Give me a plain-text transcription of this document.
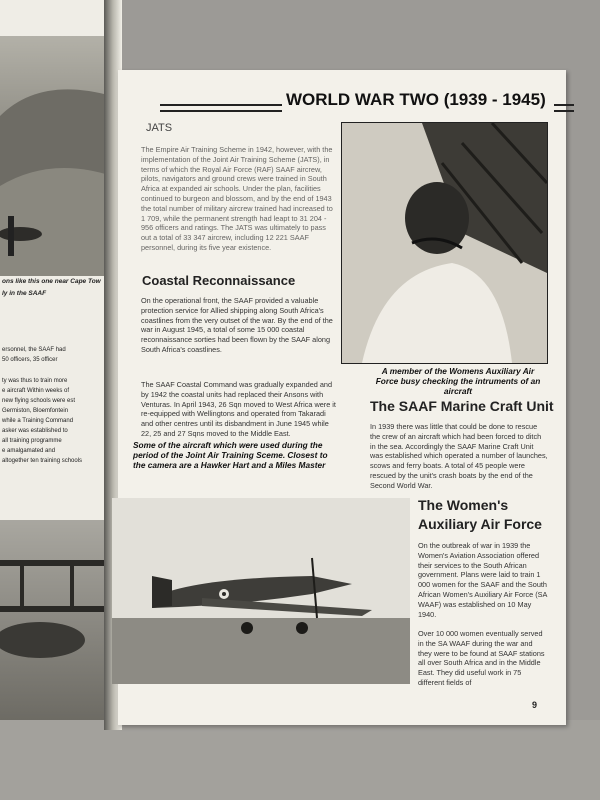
ons like this one near Cape Tow
ly in the SAAF
ersonnel, the SAAF had
50 officers, 35 officer
ty was thus to train more
e aircraft Within weeks of
new flying schools were est
Germiston, Bloemfontein
while a Training Command
asker was established to
all training programme
e amalgamated and
altogether ten training schools
WORLD WAR TWO (1939 - 1945)
JATS
The Empire Air Training Scheme in 1942, however, with the implementation of the Joint Air Training Scheme (JATS), in terms of which the Royal Air Force (RAF) SAAF aircrew, pilots, navigators and ground crews were trained in South Africa at expanded air schools. Under the plan, facilities continued to burgeon and blossom, and by the end of 1943 the total number of military aircrew trained had increased to 1 709, while the permanent strength had leapt to 31 204 - 956 officers and ratings. The JATS was ultimately to pass out a total of 33 347 aircrew, including 12 221 SAAF personnel, during its five year existence.
Coastal Reconnaissance
On the operational front, the SAAF provided a valuable protection service for Allied shipping along South Africa's coastlines from the very outset of the war. By the end of the war in August 1945, a total of some 15 000 coastal reconnaissance sorties had been flown by the SAAF along South Africa's coastlines.
The SAAF Coastal Command was gradually expanded and by 1942 the coastal units had replaced their Ansons with Venturas. In April 1943, 26 Sqn moved to West Africa were it re-equipped with Wellingtons and operated from Takaradi and other centres until its disbandment in June 1945 while 22, 25 and 27 Sqns moved to the Middle East.
A member of the Womens Auxiliary Air Force busy checking the intruments of an aircraft
The SAAF Marine Craft Unit
In 1939 there was little that could be done to rescue the crew of an aircraft which had been forced to ditch in the sea. Accordingly the SAAF Marine Craft Unit was established which operated a number of launches, scows and ferry boats. A total of 45 people were rescued by the unit's crash boats by the end of the Second World War.
Some of the aircraft which were used during the period of the Joint Air Training Sceme. Closest to the camera are a Hawker Hart and a Miles Master
The Women's
Auxiliary Air Force
On the outbreak of war in 1939 the Women's Aviation Association offered their services to the South African government. Plans were laid to train 1 000 women for the SAAF and the South African Women's Auxiliary Air Force (SA WAAF) was established on 10 May 1940.
Over 10 000 women eventually served in the SA WAAF during the war and they were to be found at SAAF stations all over South Africa and in the Middle East. They did useful work in 75 different fields of
9
